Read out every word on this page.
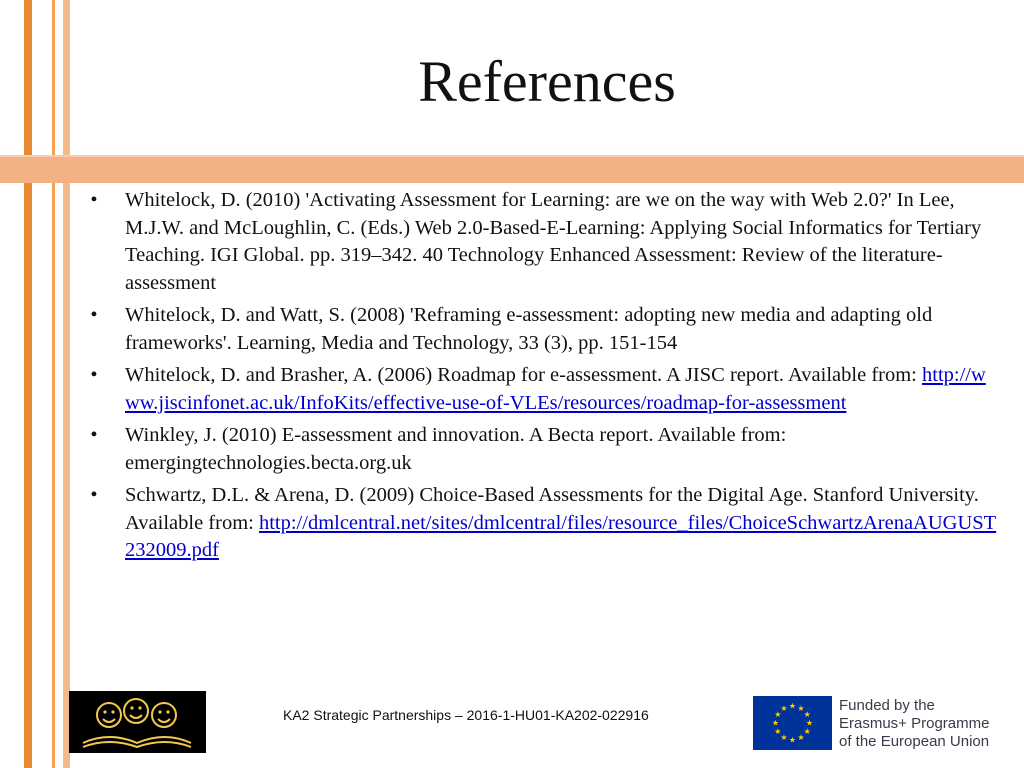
References
•	Whitelock, D. (2010) 'Activating Assessment for Learning: are we on the way with Web 2.0?' In Lee, M.J.W. and McLoughlin, C. (Eds.) Web 2.0-Based-E-Learning: Applying Social Informatics for Tertiary Teaching. IGI Global. pp. 319–342. 40 Technology Enhanced Assessment: Review of the literature-assessment
•	Whitelock, D. and Watt, S. (2008) 'Reframing e-assessment: adopting new media and adapting old frameworks'. Learning, Media and Technology, 33 (3), pp. 151-154
•	Whitelock, D. and Brasher, A. (2006) Roadmap for e-assessment. A JISC report. Available from: http://www.jiscinfonet.ac.uk/InfoKits/effective-use-of-VLEs/resources/roadmap-for-assessment
•	Winkley, J. (2010) E-assessment and innovation. A Becta report. Available from: emergingtechnologies.becta.org.uk
•	Schwartz, D.L. & Arena, D. (2009) Choice-Based Assessments for the Digital Age. Stanford University. Available from: http://dmlcentral.net/sites/dmlcentral/files/resource_files/ChoiceSchwartzArenaAUGUST232009.pdf
KA2 Strategic Partnerships – 2016-1-HU01-KA202-022916
★ ★
★
★
★
★
★
★
★
★
★
★	Funded by the
Erasmus+ Programme
of the European Union
